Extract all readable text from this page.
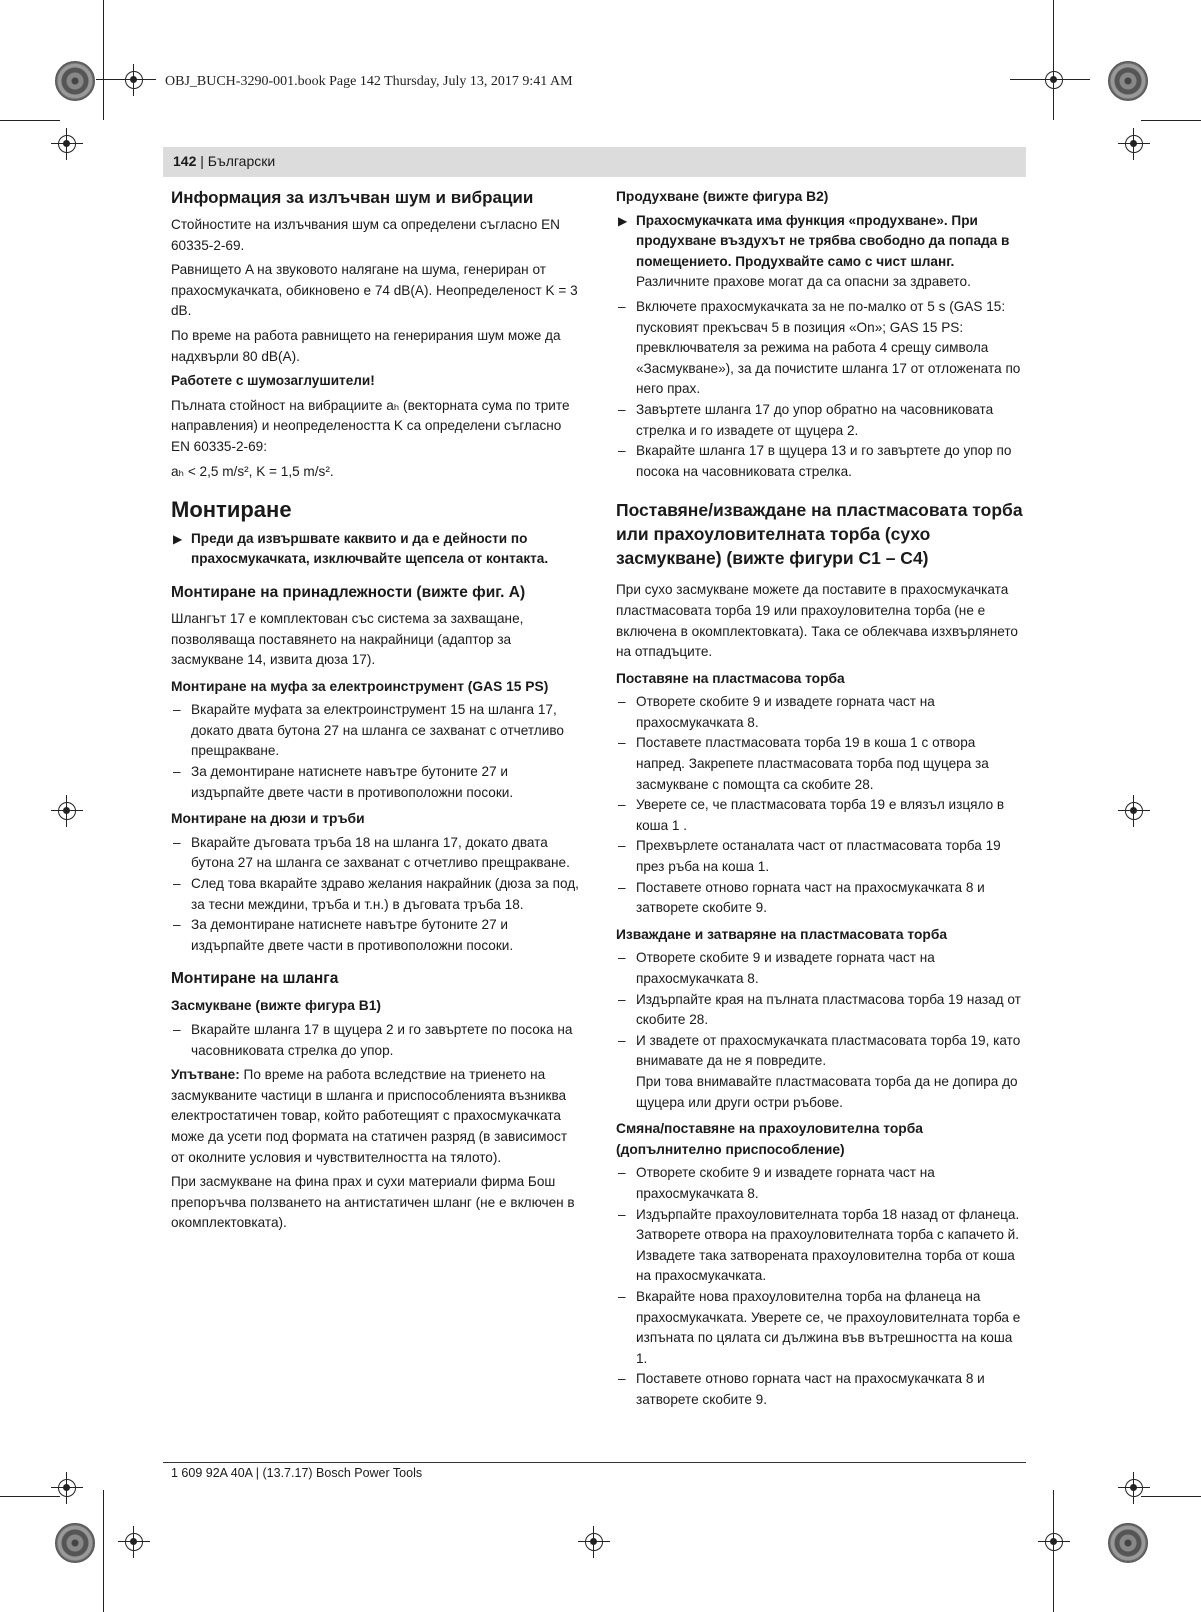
OBJ_BUCH-3290-001.book Page 142 Thursday, July 13, 2017 9:41 AM
142 | Български
Информация за излъчван шум и вибрации

Стойностите на излъчвания шум са определени съгласно EN 60335-2-69.

Равнището A на звуковото налягане на шума, генериран от прахосмукачката, обикновено е 74 dB(A). Неопределеност K = 3 dB.

По време на работа равнището на генерирания шум може да надхвърли 80 dB(A).

Работете с шумозаглушители!

Пълната стойност на вибрациите aₕ (векторната сума по трите направления) и неопределеността K са определени съгласно EN 60335-2-69:

aₕ < 2,5 m/s², K = 1,5 m/s².

Монтиране
▶ Преди да извършвате каквито и да е дейности по прахосмукачката, изключвайте щепсела от контакта.
Монтиране на принадлежности (вижте фиг. A)

Шлангът 17 е комплектован със система за захващане, позволяваща поставянето на накрайници (адаптор за засмукване 14, извита дюза 17).

Монтиране на муфа за електроинструмент (GAS 15 PS)
– Вкарайте муфата за електроинструмент 15 на шланга 17, докато двата бутона 27 на шланга се захванат с отчетливо прещракване.
– За демонтиране натиснете навътре бутоните 27 и издърпайте двете части в противоположни посоки.
Монтиране на дюзи и тръби
– Вкарайте дъговата тръба 18 на шланга 17, докато двата бутона 27 на шланга се захванат с отчетливо прещракване.
– След това вкарайте здраво желания накрайник (дюза за под, за тесни междини, тръба и т.н.) в дъговата тръба 18.
– За демонтиране натиснете навътре бутоните 27 и издърпайте двете части в противоположни посоки.
Монтиране на шланга
Засмукване (вижте фигура B1)
– Вкарайте шланга 17 в щуцера 2 и го завъртете по посока на часовниковата стрелка до упор.

Упътване: По време на работа вследствие на триенето на засмукваните частици в шланга и приспособленията възниква електростатичен товар, който работещият с прахосмукачката може да усети под формата на статичен разряд (в зависимост от околните условия и чувствителността на тялото).

При засмукване на фина прах и сухи материали фирма Бош препоръчва ползването на антистатичен шланг (не е включен в окомплектовката).

Продухване (вижте фигура B2)
▶ Прахосмукачката има функция «продухване». При продухване въздухът не трябва свободно да попада в помещението. Продухвайте само с чист шланг.
Различните прахове могат да са опасни за здравето.
– Включете прахосмукачката за не по-малко от 5 s (GAS 15: пусковият прекъсвач 5 в позиция «On»; GAS 15 PS: превключвателя за режима на работа 4 срещу символа «Засмукване»), за да почистите шланга 17 от отложената по него прах.
– Завъртете шланга 17 до упор обратно на часовниковата стрелка и го извадете от щуцера 2.
– Вкарайте шланга 17 в щуцера 13 и го завъртете до упор по посока на часовниковата стрелка.
Поставяне/изваждане на пластмасовата торба или прахоуловителната торба (сухо засмукване) (вижте фигури C1 – C4)

При сухо засмукване можете да поставите в прахосмукачката пластмасовата торба 19 или прахоуловителна торба (не е включена в окомплектовката). Така се облекчава изхвърлянето на отпадъците.

Поставяне на пластмасова торба
– Отворете скобите 9 и извадете горната част на прахосмукачката 8.
– Поставете пластмасовата торба 19 в коша 1 с отвора напред. Закрепете пластмасовата торба под щуцера за засмукване с помощта са скобите 28.
– Уверете се, че пластмасовата торба 19 е влязъл изцяло в коша 1 .
– Прехвърлете останалата част от пластмасовата торба 19 през ръба на коша 1.
– Поставете отново горната част на прахосмукачката 8 и затворете скобите 9.
Изваждане и затваряне на пластмасовата торба
– Отворете скобите 9 и извадете горната част на прахосмукачката 8.
– Издърпайте края на пълната пластмасова торба 19 назад от скобите 28.
– И звадете от прахосмукачката пластмасовата торба 19, като внимавате да не я повредите.

При това внимавайте пластмасовата торба да не допира до щуцера или други остри ръбове.

Смяна/поставяне на прахоуловителна торба (допълнително приспособление)
– Отворете скобите 9 и извадете горната част на прахосмукачката 8.
– Издърпайте прахоуловителната торба 18 назад от фланеца. Затворете отвора на прахоуловителната торба с капачето й. Извадете така затворената прахоуловителна торба от коша на прахосмукачката.
– Вкарайте нова прахоуловителна торба на фланеца на прахосмукачката. Уверете се, че прахоуловителната торба е изпъната по цялата си дължина във вътрешността на коша 1.
– Поставете отново горната част на прахосмукачката 8 и затворете скобите 9.
1 609 92A 40A | (13.7.17) Bosch Power Tools
